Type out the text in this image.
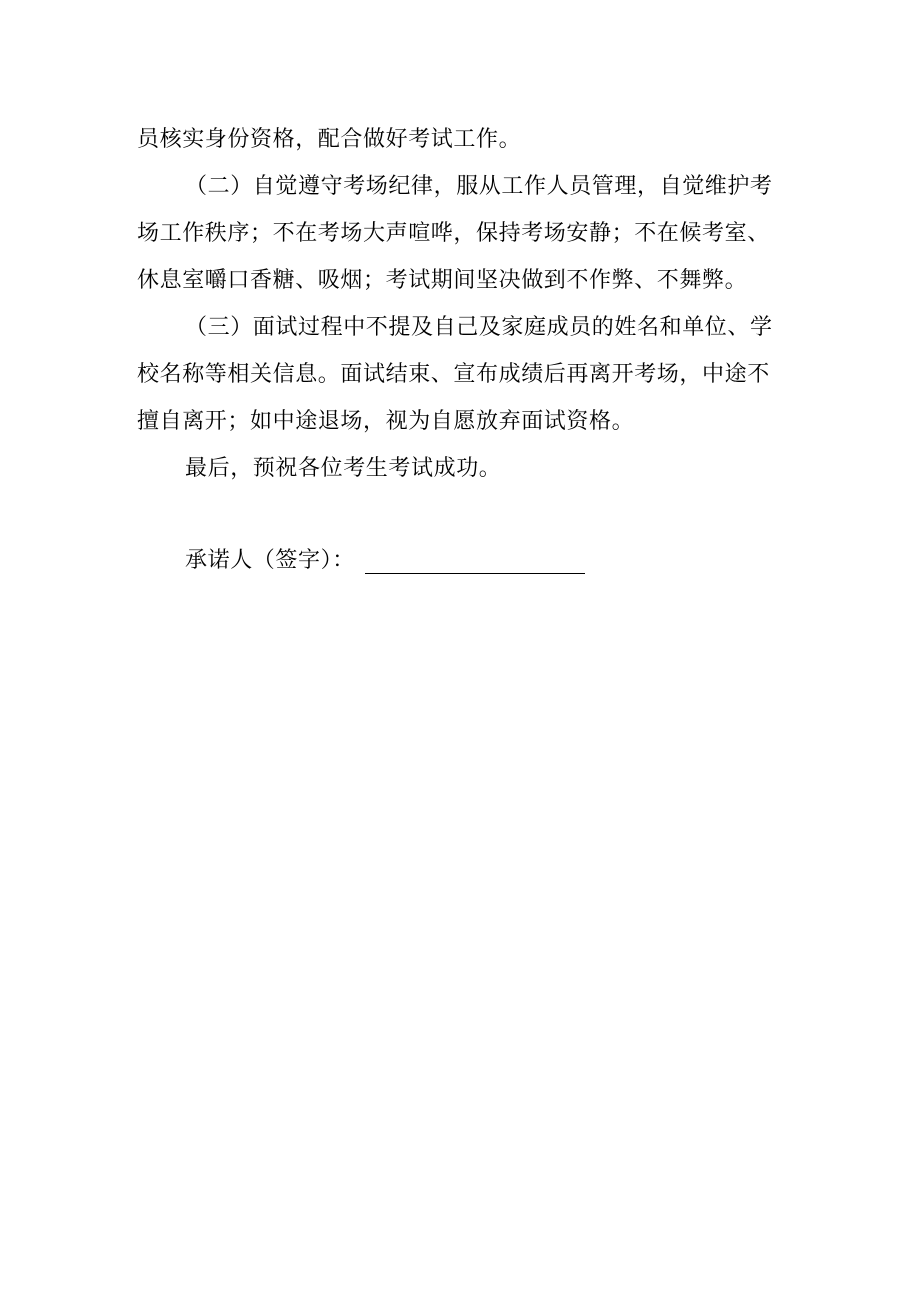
员核实身份资格，配合做好考试工作。
（二）自觉遵守考场纪律，服从工作人员管理，自觉维护考
场工作秩序；不在考场大声喧哗，保持考场安静；不在候考室、
休息室嚼口香糖、吸烟；考试期间坚决做到不作弊、不舞弊。
（三）面试过程中不提及自己及家庭成员的姓名和单位、学
校名称等相关信息。面试结束、宣布成绩后再离开考场，中途不
擅自离开；如中途退场，视为自愿放弃面试资格。
最后，预祝各位考生考试成功。
承诺人（签字）：
